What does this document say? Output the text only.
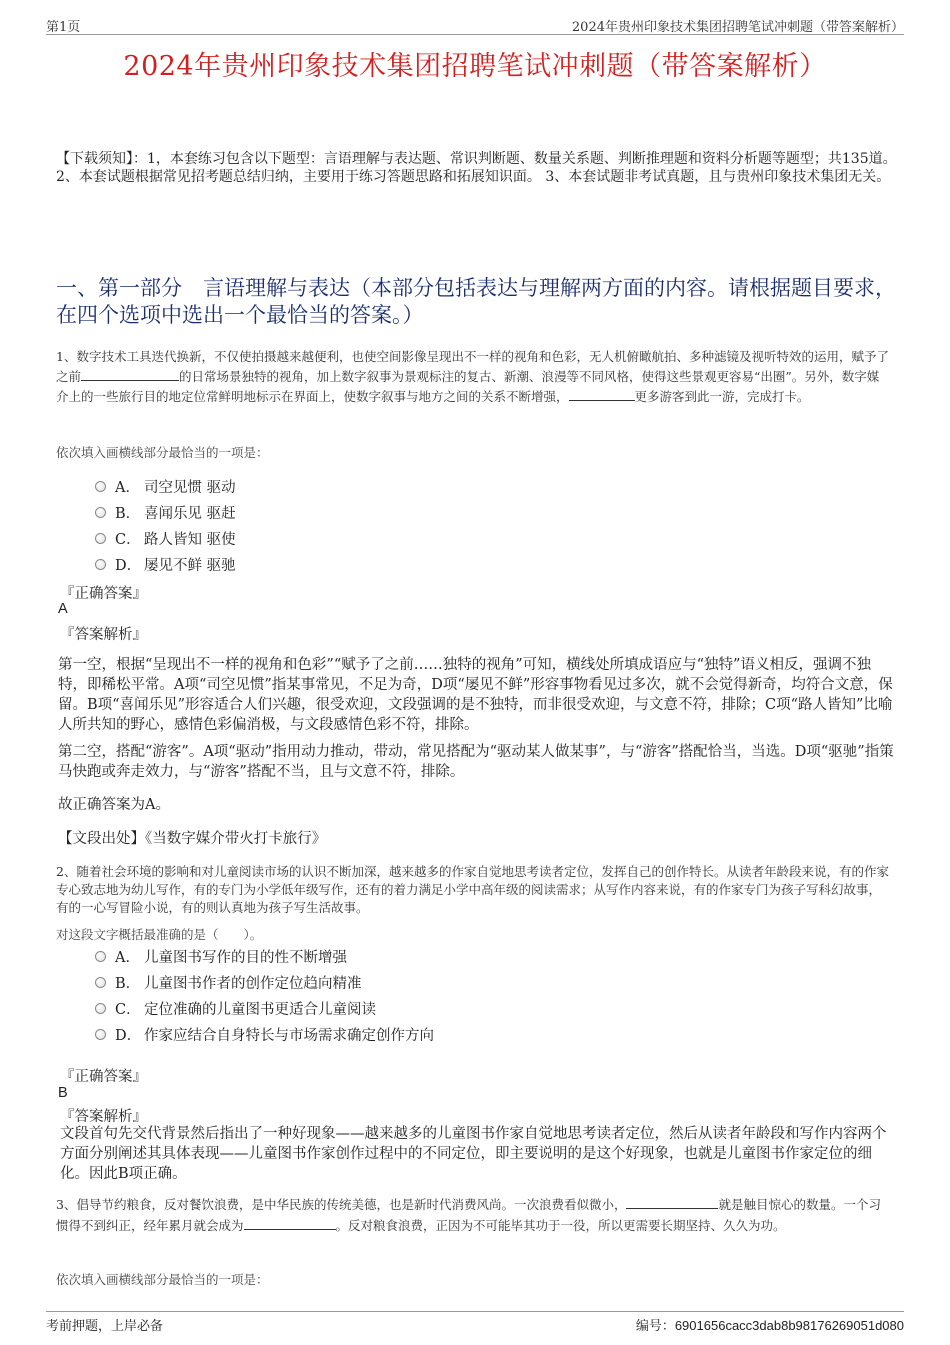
第1页	2024年贵州印象技术集团招聘笔试冲刺题（带答案解析）
2024年贵州印象技术集团招聘笔试冲刺题（带答案解析）
【下载须知】：1，本套练习包含以下题型：言语理解与表达题、常识判断题、数量关系题、判断推理题和资料分析题等题型；共135道。 2、本套试题根据常见招考题总结归纳，主要用于练习答题思路和拓展知识面。 3、本套试题非考试真题，且与贵州印象技术集团无关。
一、第一部分　言语理解与表达（本部分包括表达与理解两方面的内容。请根据题目要求，在四个选项中选出一个最恰当的答案。）
1、数字技术工具迭代换新，不仅使拍摄越来越便利，也使空间影像呈现出不一样的视角和色彩，无人机俯瞰航拍、多种滤镜及视听特效的运用，赋予了之前	的日常场景独特的视角，加上数字叙事为景观标注的复古、新潮、浪漫等不同风格，使得这些景观更容易“出圈”。另外，数字媒介上的一些旅行目的地定位常鲜明地标示在界面上，使数字叙事与地方之间的关系不断增强，	更多游客到此一游，完成打卡。
依次填入画横线部分最恰当的一项是：
A． 司空见惯 驱动
B． 喜闻乐见 驱赶
C． 路人皆知 驱使
D． 屡见不鲜 驱驰
『正确答案』
A
『答案解析』
第一空，根据“呈现出不一样的视角和色彩”“赋予了之前……独特的视角”可知，横线处所填成语应与“独特”语义相反，强调不独特，即稀松平常。A项“司空见惯”指某事常见，不足为奇，D项“屡见不鲜”形容事物看见过多次，就不会觉得新奇，均符合文意，保留。B项“喜闻乐见”形容适合人们兴趣，很受欢迎，文段强调的是不独特，而非很受欢迎，与文意不符，排除；C项“路人皆知”比喻人所共知的野心，感情色彩偏消极，与文段感情色彩不符，排除。
第二空，搭配“游客”。A项“驱动”指用动力推动，带动，常见搭配为“驱动某人做某事”，与“游客”搭配恰当，当选。D项“驱驰”指策马快跑或奔走效力，与“游客”搭配不当，且与文意不符，排除。
故正确答案为A。
【文段出处】《当数字媒介带火打卡旅行》
2、随着社会环境的影响和对儿童阅读市场的认识不断加深，越来越多的作家自觉地思考读者定位，发挥自己的创作特长。从读者年龄段来说，有的作家专心致志地为幼儿写作，有的专门为小学低年级写作，还有的着力满足小学中高年级的阅读需求；从写作内容来说，有的作家专门为孩子写科幻故事，有的一心写冒险小说，有的则认真地为孩子写生活故事。
对这段文字概括最准确的是（　　）。
A． 儿童图书写作的目的性不断增强
B． 儿童图书作者的创作定位趋向精准
C． 定位准确的儿童图书更适合儿童阅读
D． 作家应结合自身特长与市场需求确定创作方向
『正确答案』
B
『答案解析』
文段首句先交代背景然后指出了一种好现象——越来越多的儿童图书作家自觉地思考读者定位，然后从读者年龄段和写作内容两个方面分别阐述其具体表现——儿童图书作家创作过程中的不同定位，即主要说明的是这个好现象，也就是儿童图书作家定位的细化。因此B项正确。
3、倡导节约粮食，反对餐饮浪费，是中华民族的传统美德，也是新时代消费风尚。一次浪费看似微小，	就是触目惊心的数量。一个习惯得不到纠正，经年累月就会成为	。反对粮食浪费，正因为不可能毕其功于一役，所以更需要长期坚持、久久为功。
依次填入画横线部分最恰当的一项是：
考前押题，上岸必备	编号：6901656cacc3dab8b98176269051d080
